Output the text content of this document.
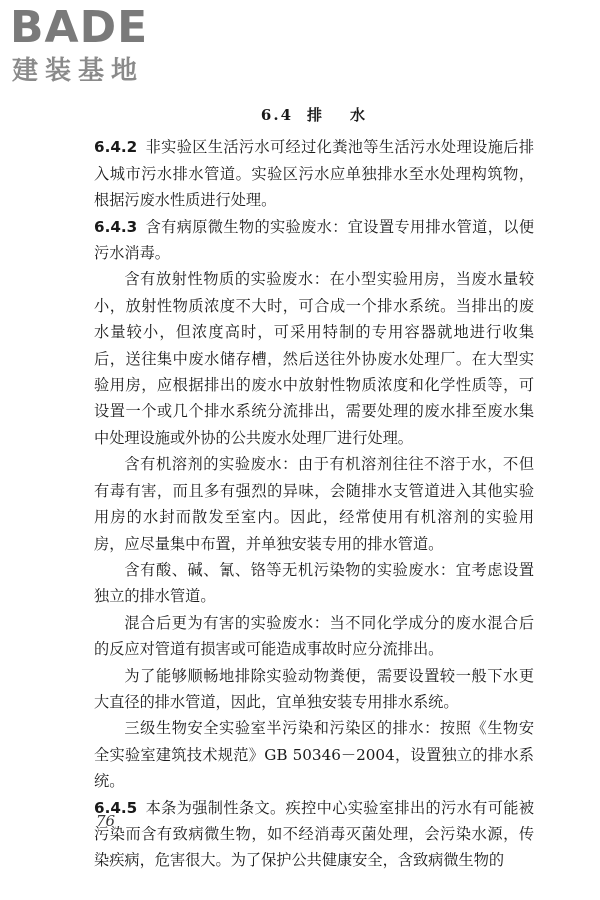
BADE
建装基地
6.4 排水

6.4.2 非实验区生活污水可经过化粪池等生活污水处理设施后排入城市污水排水管道。实验区污水应单独排水至水处理构筑物，根据污废水性质进行处理。

6.4.3 含有病原微生物的实验废水：宜设置专用排水管道，以便污水消毒。

含有放射性物质的实验废水：在小型实验用房，当废水量较小，放射性物质浓度不大时，可合成一个排水系统。当排出的废水量较小，但浓度高时，可采用特制的专用容器就地进行收集后，送往集中废水储存槽，然后送往外协废水处理厂。在大型实验用房，应根据排出的废水中放射性物质浓度和化学性质等，可设置一个或几个排水系统分流排出，需要处理的废水排至废水集中处理设施或外协的公共废水处理厂进行处理。

含有机溶剂的实验废水：由于有机溶剂往往不溶于水，不但有毒有害，而且多有强烈的异味，会随排水支管道进入其他实验用房的水封而散发至室内。因此，经常使用有机溶剂的实验用房，应尽量集中布置，并单独安装专用的排水管道。

含有酸、碱、氰、铬等无机污染物的实验废水：宜考虑设置独立的排水管道。

混合后更为有害的实验废水：当不同化学成分的废水混合后的反应对管道有损害或可能造成事故时应分流排出。

为了能够顺畅地排除实验动物粪便，需要设置较一般下水更大直径的排水管道，因此，宜单独安装专用排水系统。

三级生物安全实验室半污染和污染区的排水：按照《生物安全实验室建筑技术规范》GB 50346－2004，设置独立的排水系统。

6.4.5 本条为强制性条文。疾控中心实验室排出的污水有可能被污染而含有致病微生物，如不经消毒灭菌处理，会污染水源，传染疾病，危害很大。为了保护公共健康安全，含致病微生物的

76
